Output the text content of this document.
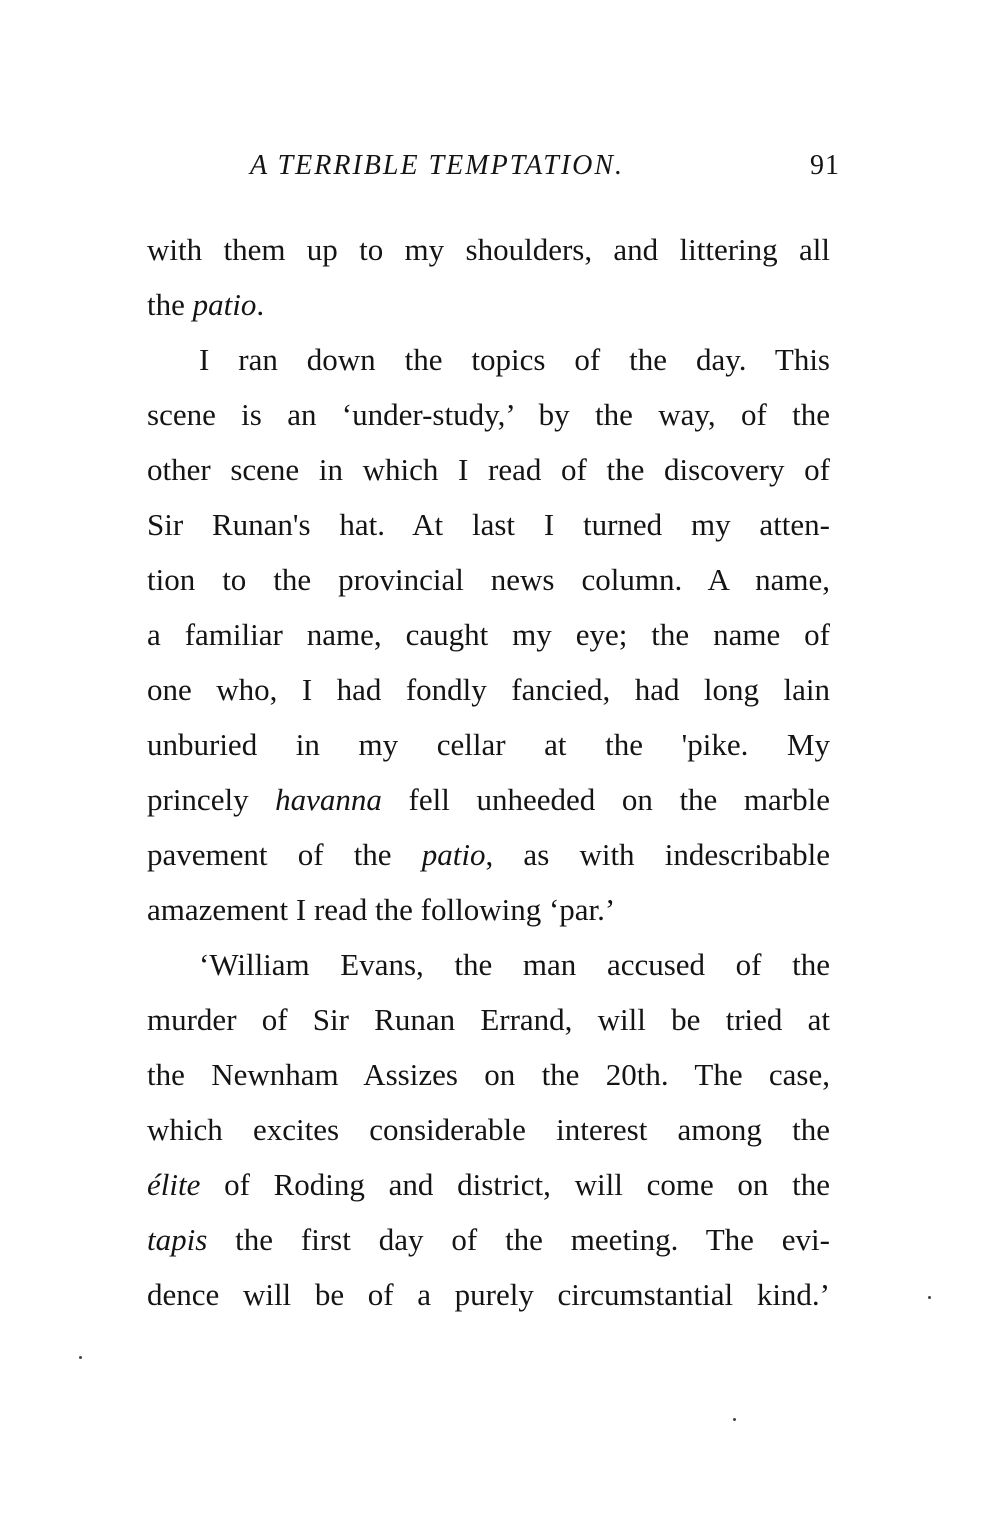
A TERRIBLE TEMPTATION.	91
with them up to my shoulders, and littering all
the patio.
I ran down the topics of the day. This
scene is an ‘under-study,’ by the way, of the
other scene in which I read of the discovery of
Sir Runan's hat. At last I turned my atten-
tion to the provincial news column. A name,
a familiar name, caught my eye; the name of
one who, I had fondly fancied, had long lain
unburied in my cellar at the 'pike. My
princely havanna fell unheeded on the marble
pavement of the patio, as with indescribable
amazement I read the following ‘par.’
‘William Evans, the man accused of the
murder of Sir Runan Errand, will be tried at
the Newnham Assizes on the 20th. The case,
which excites considerable interest among the
élite of Roding and district, will come on the
tapis the first day of the meeting. The evi-
dence will be of a purely circumstantial kind.’
